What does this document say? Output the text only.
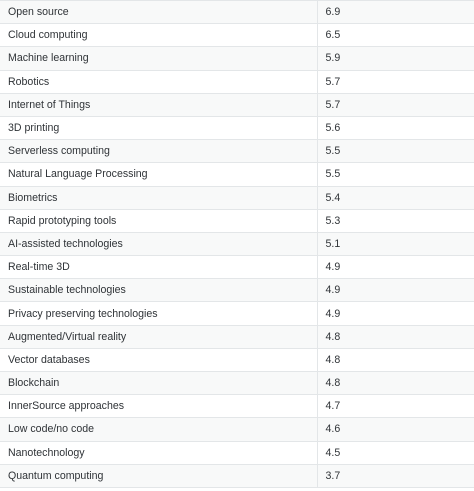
Open source	6.9
Cloud computing	6.5
Machine learning	5.9
Robotics	5.7
Internet of Things	5.7
3D printing	5.6
Serverless computing	5.5
Natural Language Processing	5.5
Biometrics	5.4
Rapid prototyping tools	5.3
AI-assisted technologies	5.1
Real-time 3D	4.9
Sustainable technologies	4.9
Privacy preserving technologies	4.9
Augmented/Virtual reality	4.8
Vector databases	4.8
Blockchain	4.8
InnerSource approaches	4.7
Low code/no code	4.6
Nanotechnology	4.5
Quantum computing	3.7
